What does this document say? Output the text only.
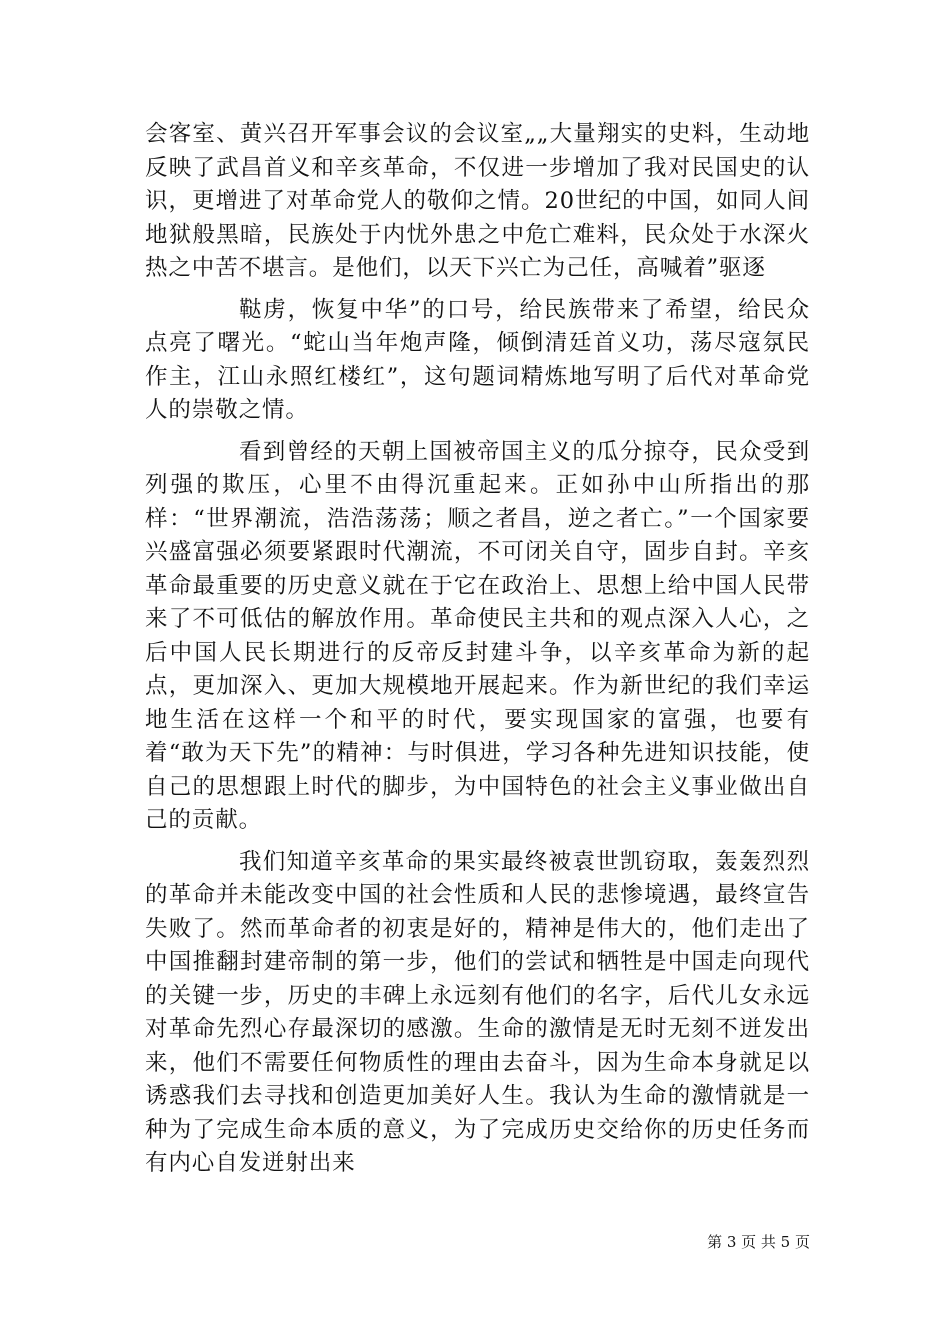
会客室、黄兴召开军事会议的会议室„„大量翔实的史料，生动地反映了武昌首义和辛亥革命，不仅进一步增加了我对民国史的认识，更增进了对革命党人的敬仰之情。20世纪的中国，如同人间地狱般黑暗，民族处于内忧外患之中危亡难料，民众处于水深火热之中苦不堪言。是他们，以天下兴亡为己任，高喊着”驱逐

鞑虏，恢复中华”的口号，给民族带来了希望，给民众点亮了曙光。“蛇山当年炮声隆，倾倒清廷首义功，荡尽寇氛民作主，江山永照红楼红”，这句题词精炼地写明了后代对革命党人的崇敬之情。

看到曾经的天朝上国被帝国主义的瓜分掠夺，民众受到列强的欺压，心里不由得沉重起来。正如孙中山所指出的那样：“世界潮流，浩浩荡荡；顺之者昌，逆之者亡。”一个国家要兴盛富强必须要紧跟时代潮流，不可闭关自守，固步自封。辛亥革命最重要的历史意义就在于它在政治上、思想上给中国人民带来了不可低估的解放作用。革命使民主共和的观点深入人心，之后中国人民长期进行的反帝反封建斗争，以辛亥革命为新的起点，更加深入、更加大规模地开展起来。作为新世纪的我们幸运地生活在这样一个和平的时代，要实现国家的富强，也要有着“敢为天下先”的精神：与时俱进，学习各种先进知识技能，使自己的思想跟上时代的脚步，为中国特色的社会主义事业做出自己的贡献。

我们知道辛亥革命的果实最终被袁世凯窃取，轰轰烈烈的革命并未能改变中国的社会性质和人民的悲惨境遇，最终宣告失败了。然而革命者的初衷是好的，精神是伟大的，他们走出了中国推翻封建帝制的第一步，他们的尝试和牺牲是中国走向现代的关键一步，历史的丰碑上永远刻有他们的名字，后代儿女永远对革命先烈心存最深切的感激。生命的激情是无时无刻不迸发出来，他们不需要任何物质性的理由去奋斗，因为生命本身就足以诱惑我们去寻找和创造更加美好人生。我认为生命的激情就是一种为了完成生命本质的意义，为了完成历史交给你的历史任务而有内心自发迸射出来

第 3 页 共 5 页
